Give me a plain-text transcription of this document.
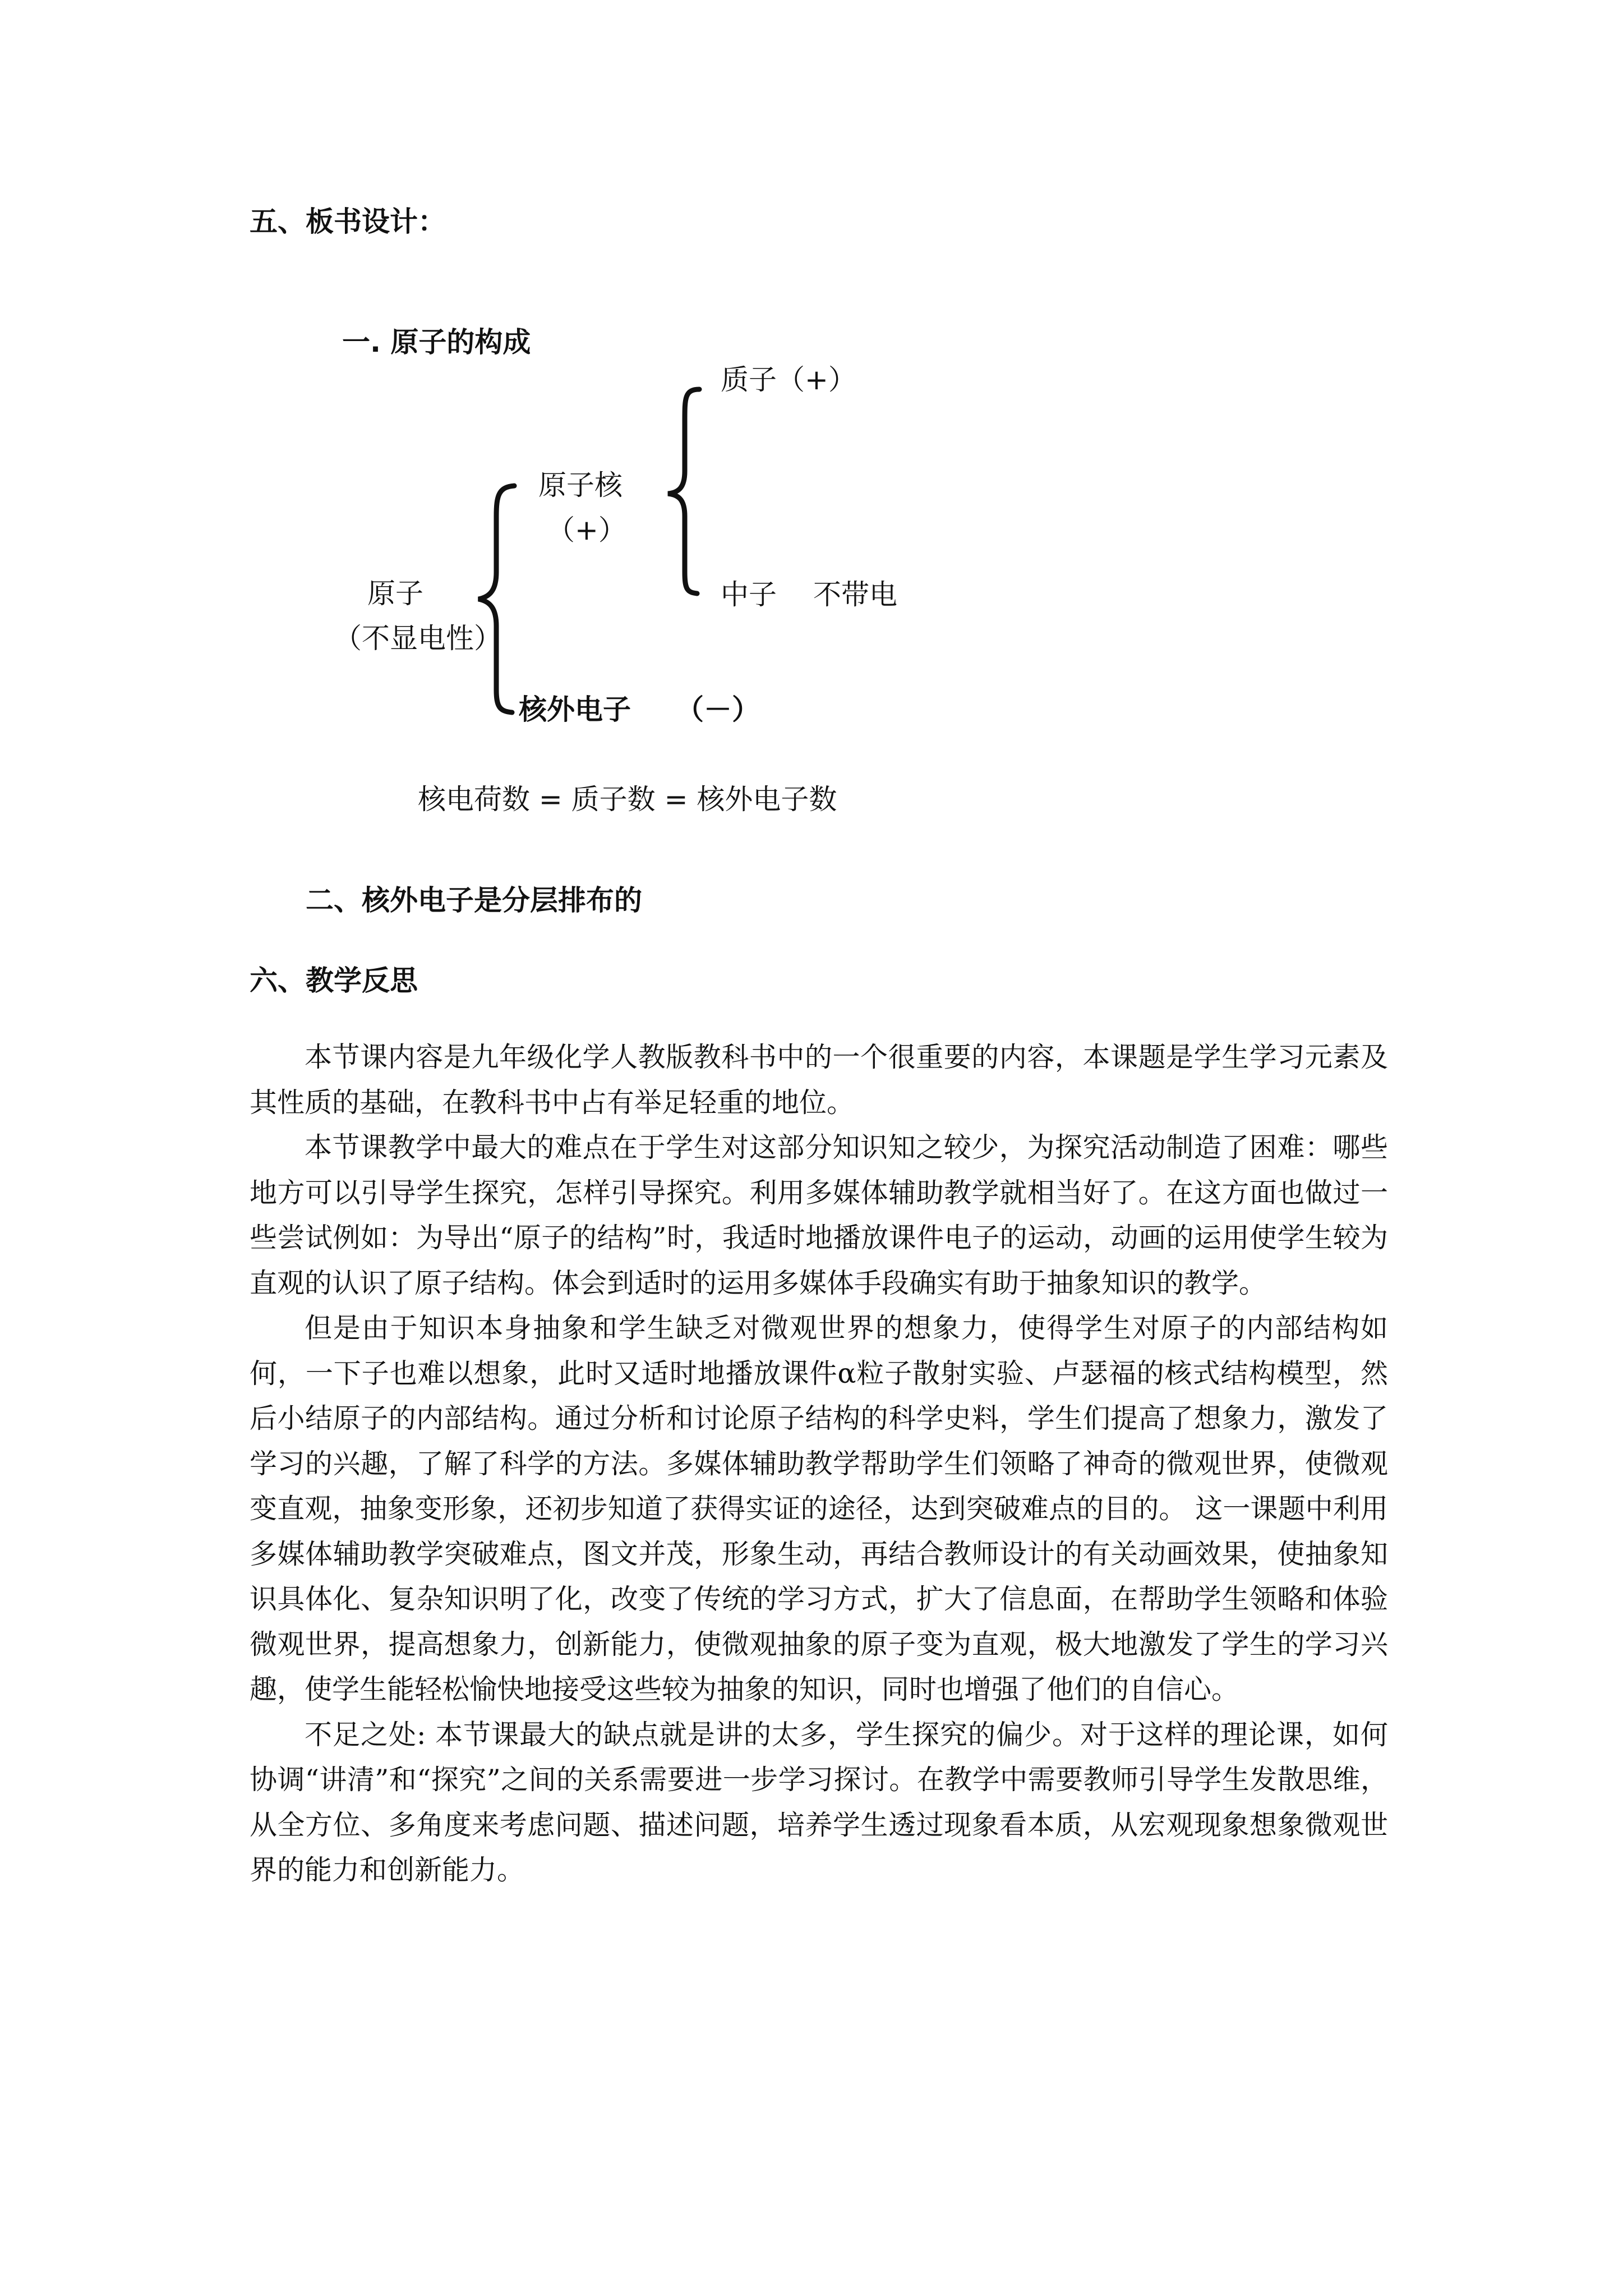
五、板书设计：
一. 原子的构成
质子（+）
原子核
（+）
原子
（不显电性）
中子 不带电
核外电子 （－）
核电荷数 = 质子数 = 核外电子数
二、核外电子是分层排布的
六、教学反思

本节课内容是九年级化学人教版教科书中的一个很重要的内容，本课题是学生学习元素及其性质的基础，在教科书中占有举足轻重的地位。

本节课教学中最大的难点在于学生对这部分知识知之较少，为探究活动制造了困难：哪些地方可以引导学生探究，怎样引导探究。利用多媒体辅助教学就相当好了。在这方面也做过一些尝试例如：为导出“原子的结构”时，我适时地播放课件电子的运动，动画的运用使学生较为直观的认识了原子结构。体会到适时的运用多媒体手段确实有助于抽象知识的教学。

但是由于知识本身抽象和学生缺乏对微观世界的想象力，使得学生对原子的内部结构如何，一下子也难以想象，此时又适时地播放课件α粒子散射实验、卢瑟福的核式结构模型，然后小结原子的内部结构。通过分析和讨论原子结构的科学史料，学生们提高了想象力，激发了学习的兴趣，了解了科学的方法。多媒体辅助教学帮助学生们领略了神奇的微观世界，使微观变直观，抽象变形象，还初步知道了获得实证的途径，达到突破难点的目的。 这一课题中利用多媒体辅助教学突破难点，图文并茂，形象生动，再结合教师设计的有关动画效果，使抽象知识具体化、复杂知识明了化，改变了传统的学习方式，扩大了信息面，在帮助学生领略和体验微观世界，提高想象力，创新能力，使微观抽象的原子变为直观，极大地激发了学生的学习兴趣，使学生能轻松愉快地接受这些较为抽象的知识，同时也增强了他们的自信心。

不足之处: 本节课最大的缺点就是讲的太多，学生探究的偏少。对于这样的理论课，如何协调“讲清”和“探究”之间的关系需要进一步学习探讨。在教学中需要教师引导学生发散思维，从全方位、多角度来考虑问题、描述问题，培养学生透过现象看本质，从宏观现象想象微观世界的能力和创新能力。
